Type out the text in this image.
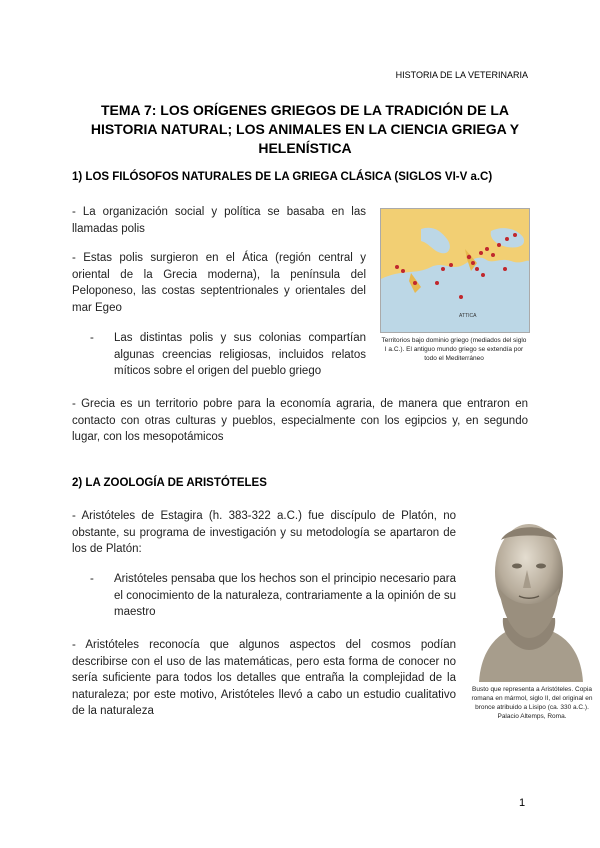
HISTORIA DE LA VETERINARIA
TEMA 7: LOS ORÍGENES GRIEGOS DE LA TRADICIÓN DE LA
HISTORIA NATURAL; LOS ANIMALES EN LA CIENCIA GRIEGA Y
HELENÍSTICA
1) LOS FILÓSOFOS NATURALES DE LA GRIEGA CLÁSICA (SIGLOS VI-V a.C)
- La organización social y política se basaba en las llamadas polis
- Estas polis surgieron en el Ática (región central y oriental de la Grecia moderna), la península del Peloponeso, las costas septentrionales y orientales del mar Egeo
-	Las distintas polis y sus colonias compartían algunas creencias religiosas, incluidos relatos míticos sobre el origen del pueblo griego
- Grecia es un territorio pobre para la economía agraria, de manera que entraron en contacto con otras culturas y pueblos, especialmente con los egipcios y, en segundo lugar, con los mesopotámicos
ATTICA
Territorios bajo dominio griego (mediados del siglo I a.C.). El antiguo mundo griego se extendía por todo el Mediterráneo
2) LA ZOOLOGÍA DE ARISTÓTELES
- Aristóteles de Estagira (h. 383-322 a.C.) fue discípulo de Platón, no obstante, su programa de investigación y su metodología se apartaron de los de Platón:
-	Aristóteles pensaba que los hechos son el principio necesario para el conocimiento de la naturaleza, contrariamente a la opinión de su maestro
- Aristóteles reconocía que algunos aspectos del cosmos podían describirse con el uso de las matemáticas, pero esta forma de conocer no sería suficiente para todos los detalles que entraña la complejidad de la naturaleza; por este motivo, Aristóteles llevó a cabo un estudio cualitativo de la naturaleza
Busto que representa a Aristóteles. Copia romana en mármol, siglo II, del original en bronce atribuido a Lisipo (ca. 330 a.C.). Palacio Altemps, Roma.
1
